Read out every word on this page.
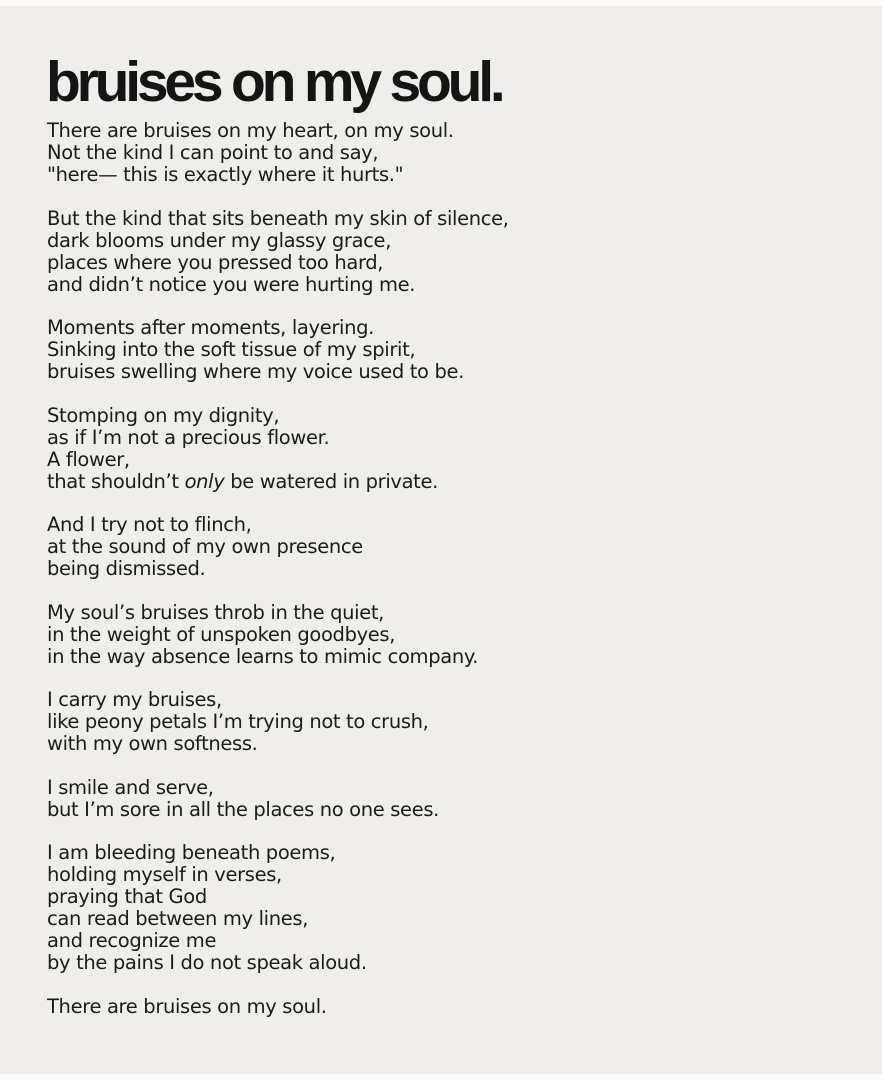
bruises on my soul.

There are bruises on my heart, on my soul.
Not the kind I can point to and say,
"here— this is exactly where it hurts."

But the kind that sits beneath my skin of silence,
dark blooms under my glassy grace,
places where you pressed too hard,
and didn’t notice you were hurting me.

Moments after moments, layering.
Sinking into the soft tissue of my spirit,
bruises swelling where my voice used to be.

Stomping on my dignity,
as if I’m not a precious flower.
A flower,
that shouldn’t only be watered in private.

And I try not to flinch,
at the sound of my own presence
being dismissed.

My soul’s bruises throb in the quiet,
in the weight of unspoken goodbyes,
in the way absence learns to mimic company.

I carry my bruises,
like peony petals I’m trying not to crush,
with my own softness.

I smile and serve,
but I’m sore in all the places no one sees.

I am bleeding beneath poems,
holding myself in verses,
praying that God
can read between my lines,
and recognize me
by the pains I do not speak aloud.

There are bruises on my soul.
